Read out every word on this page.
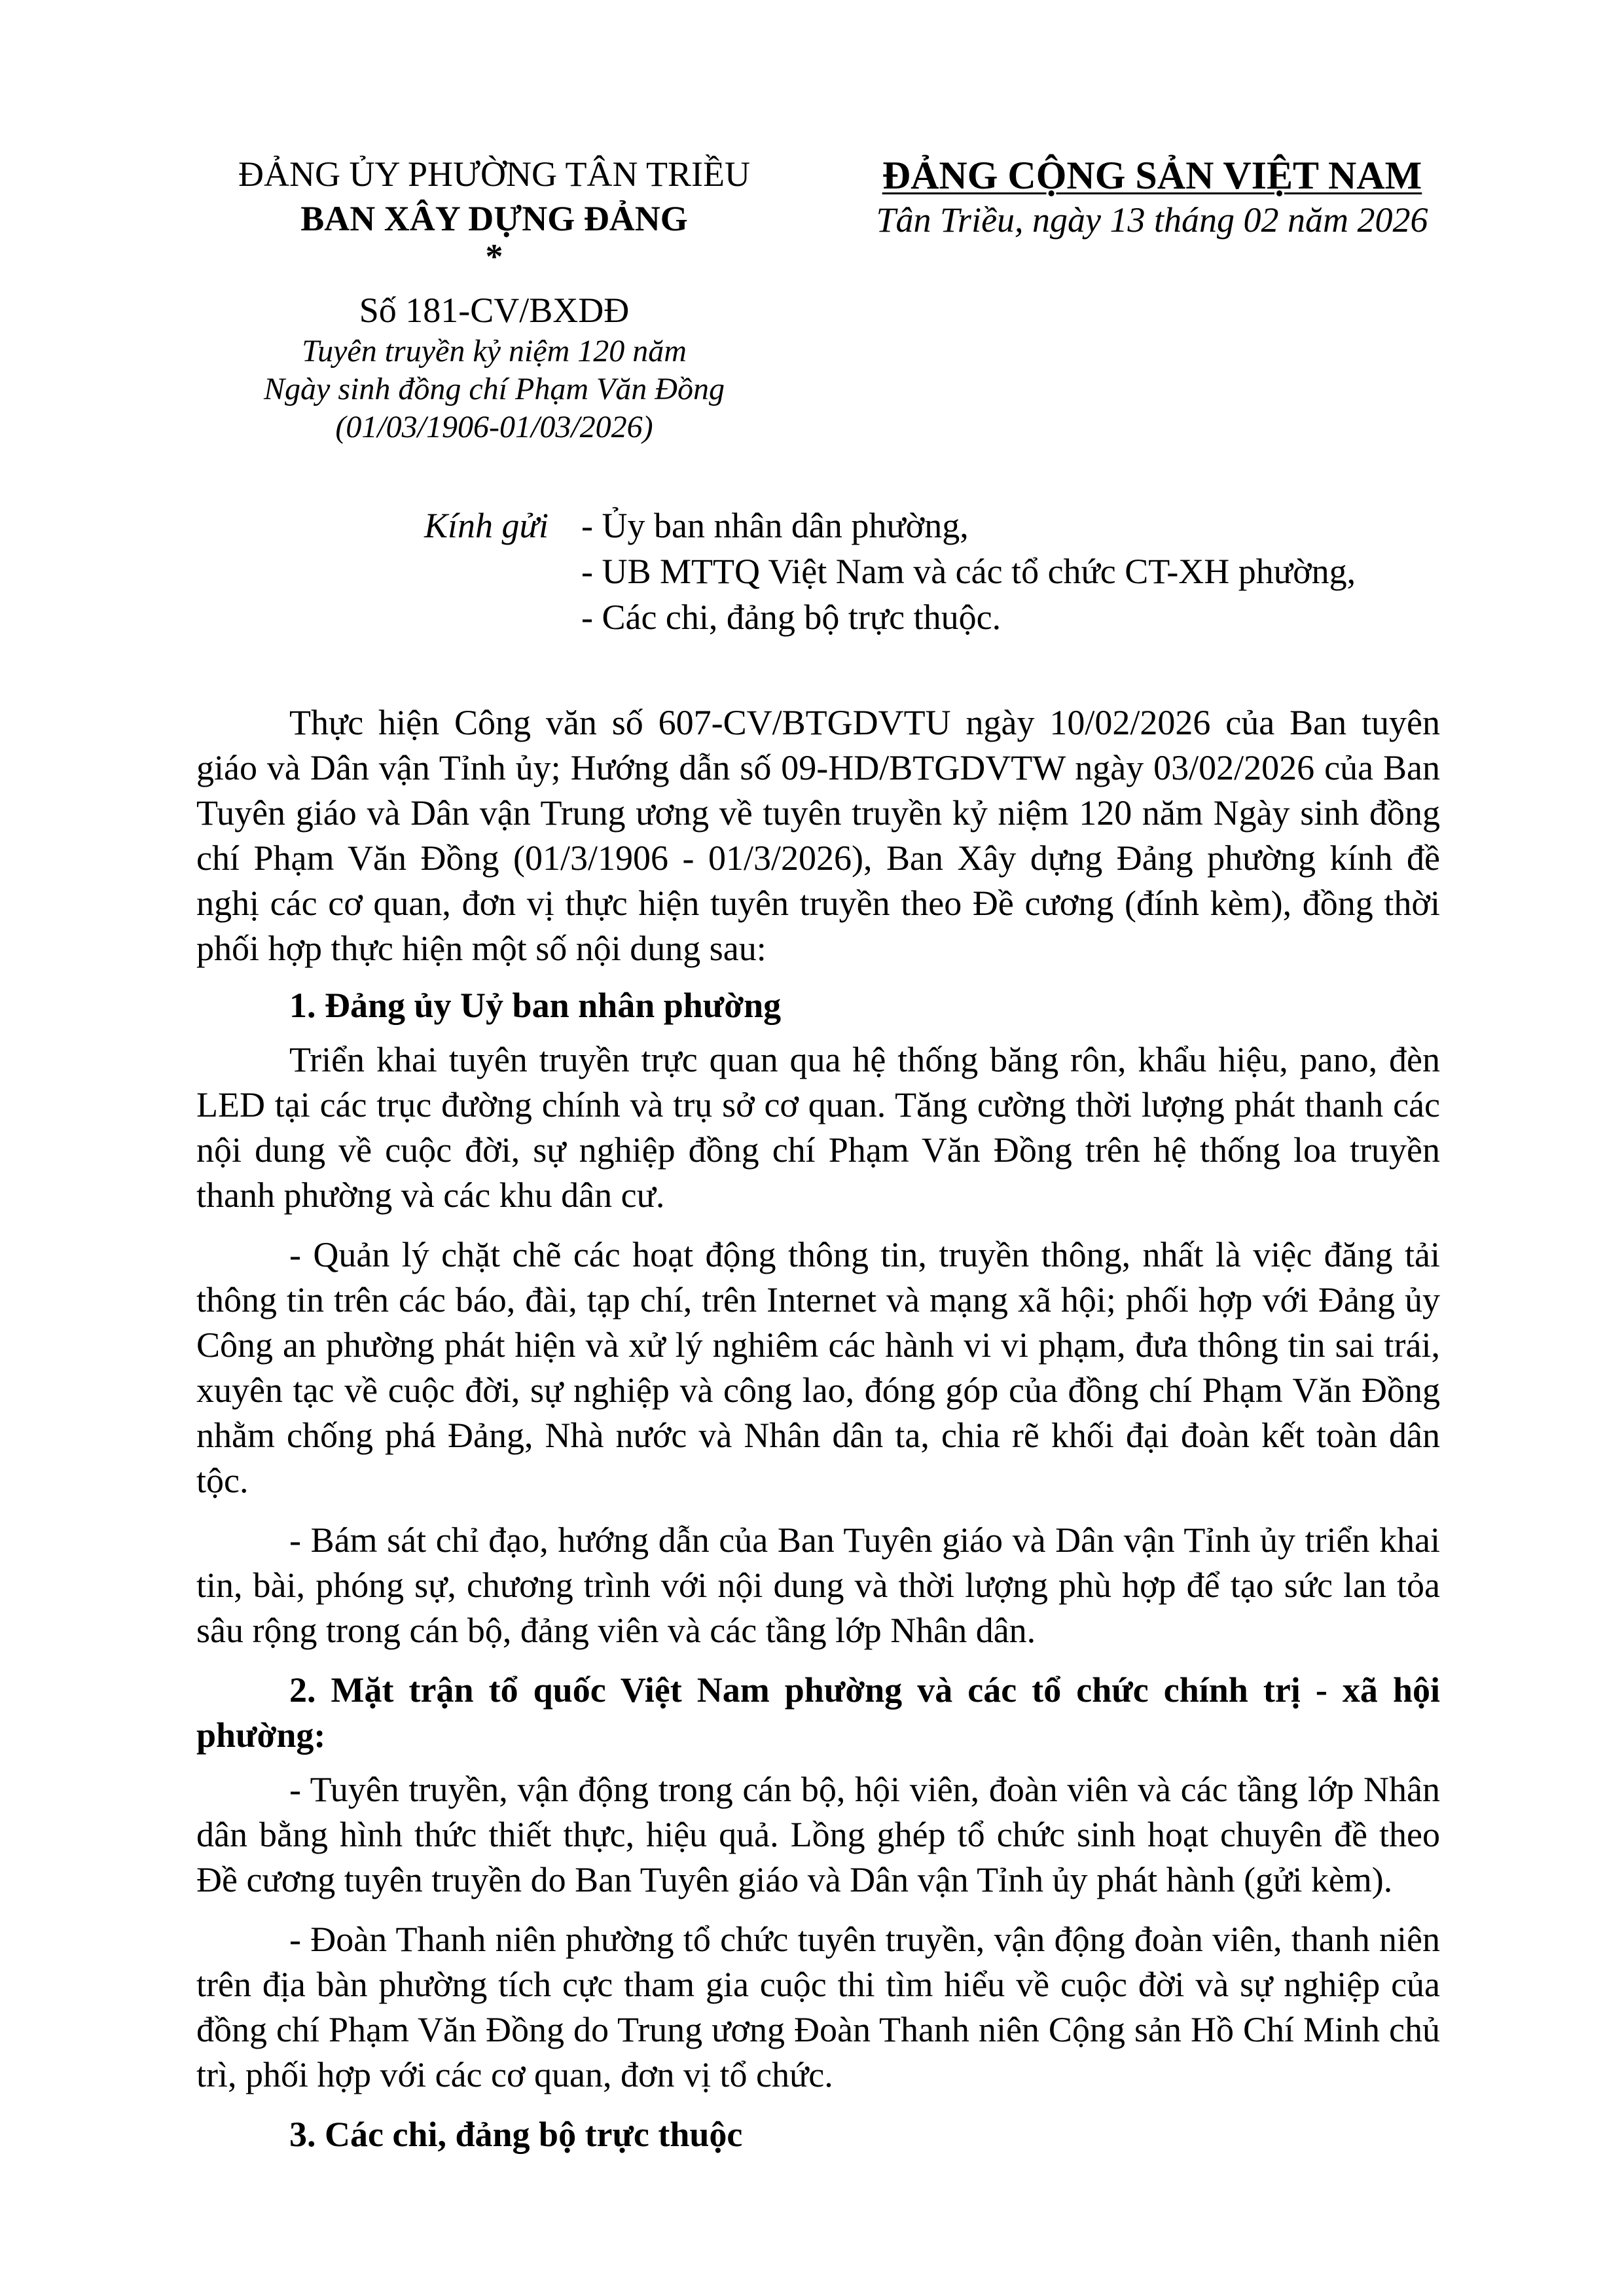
ĐẢNG ỦY PHƯỜNG TÂN TRIỀU
BAN XÂY DỰNG ĐẢNG
*
Số 181-CV/BXDĐ
Tuyên truyền kỷ niệm 120 năm
Ngày sinh đồng chí Phạm Văn Đồng
(01/03/1906-01/03/2026)
ĐẢNG CỘNG SẢN VIỆT NAM
Tân Triều, ngày 13 tháng 02 năm 2026
Kính gửi - Ủy ban nhân dân phường,
- UB MTTQ Việt Nam và các tổ chức CT-XH phường,
- Các chi, đảng bộ trực thuộc.

Thực hiện Công văn số 607-CV/BTGDVTU ngày 10/02/2026 của Ban tuyên giáo và Dân vận Tỉnh ủy; Hướng dẫn số 09-HD/BTGDVTW ngày 03/02/2026 của Ban Tuyên giáo và Dân vận Trung ương về tuyên truyền kỷ niệm 120 năm Ngày sinh đồng chí Phạm Văn Đồng (01/3/1906 - 01/3/2026), Ban Xây dựng Đảng phường kính đề nghị các cơ quan, đơn vị thực hiện tuyên truyền theo Đề cương (đính kèm), đồng thời phối hợp thực hiện một số nội dung sau:

1. Đảng ủy Uỷ ban nhân phường

Triển khai tuyên truyền trực quan qua hệ thống băng rôn, khẩu hiệu, pano, đèn LED tại các trục đường chính và trụ sở cơ quan. Tăng cường thời lượng phát thanh các nội dung về cuộc đời, sự nghiệp đồng chí Phạm Văn Đồng trên hệ thống loa truyền thanh phường và các khu dân cư.

- Quản lý chặt chẽ các hoạt động thông tin, truyền thông, nhất là việc đăng tải thông tin trên các báo, đài, tạp chí, trên Internet và mạng xã hội; phối hợp với Đảng ủy Công an phường phát hiện và xử lý nghiêm các hành vi vi phạm, đưa thông tin sai trái, xuyên tạc về cuộc đời, sự nghiệp và công lao, đóng góp của đồng chí Phạm Văn Đồng nhằm chống phá Đảng, Nhà nước và Nhân dân ta, chia rẽ khối đại đoàn kết toàn dân tộc.

- Bám sát chỉ đạo, hướng dẫn của Ban Tuyên giáo và Dân vận Tỉnh ủy triển khai tin, bài, phóng sự, chương trình với nội dung và thời lượng phù hợp để tạo sức lan tỏa sâu rộng trong cán bộ, đảng viên và các tầng lớp Nhân dân.

2. Mặt trận tổ quốc Việt Nam phường và các tổ chức chính trị - xã hội phường:

- Tuyên truyền, vận động trong cán bộ, hội viên, đoàn viên và các tầng lớp Nhân dân bằng hình thức thiết thực, hiệu quả. Lồng ghép tổ chức sinh hoạt chuyên đề theo Đề cương tuyên truyền do Ban Tuyên giáo và Dân vận Tỉnh ủy phát hành (gửi kèm).

- Đoàn Thanh niên phường tổ chức tuyên truyền, vận động đoàn viên, thanh niên trên địa bàn phường tích cực tham gia cuộc thi tìm hiểu về cuộc đời và sự nghiệp của đồng chí Phạm Văn Đồng do Trung ương Đoàn Thanh niên Cộng sản Hồ Chí Minh chủ trì, phối hợp với các cơ quan, đơn vị tổ chức.

3. Các chi, đảng bộ trực thuộc
